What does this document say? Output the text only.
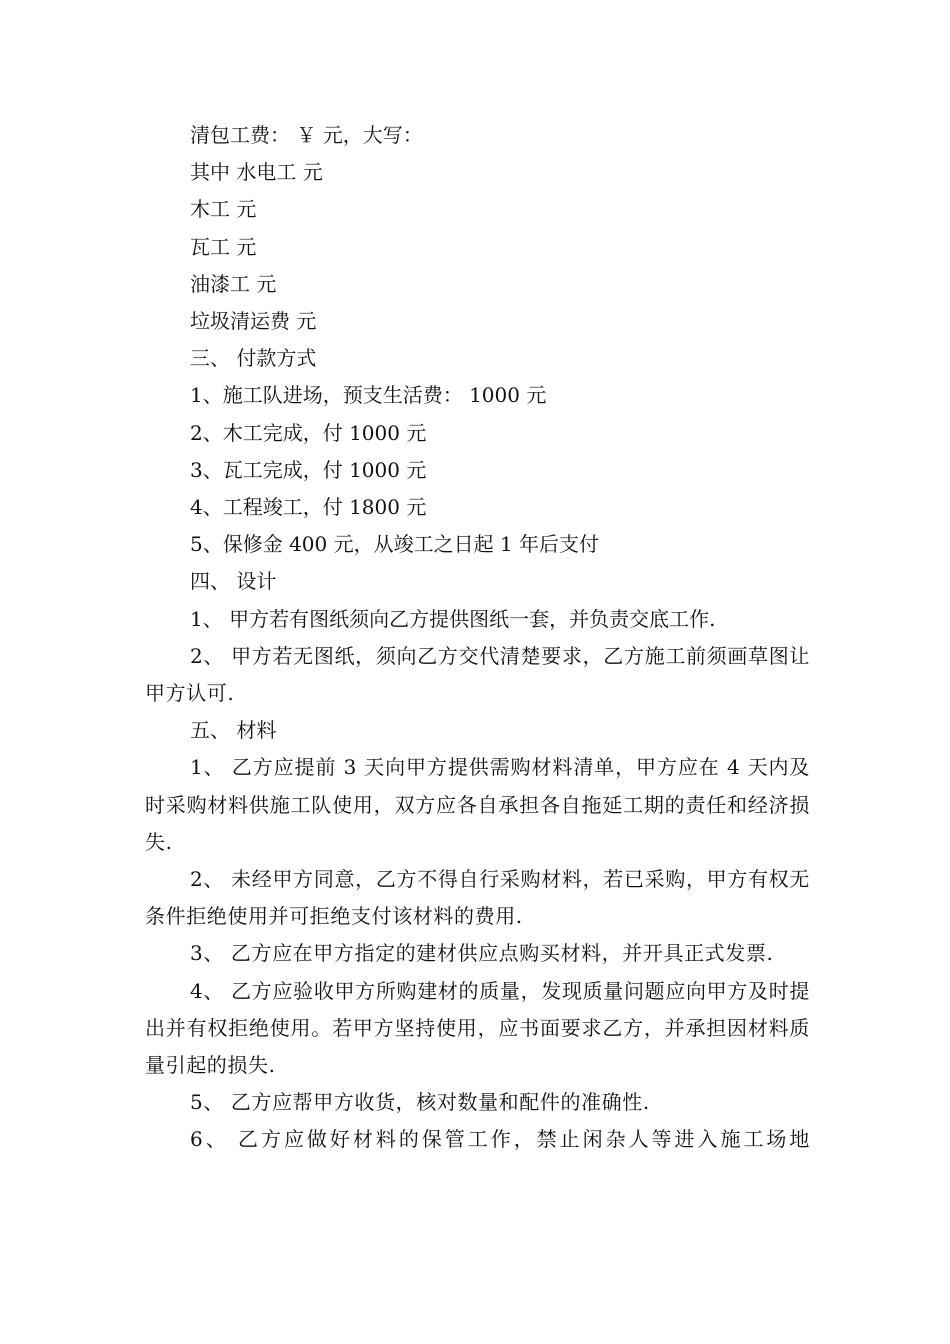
清包工费： ￥ 元，大写：
其中 水电工 元
木工 元
瓦工 元
油漆工 元
垃圾清运费 元
三、 付款方式
1、施工队进场，预支生活费： 1000 元
2、木工完成，付 1000 元
3、瓦工完成，付 1000 元
4、工程竣工，付 1800 元
5、保修金 400 元，从竣工之日起 1 年后支付
四、 设计
1、 甲方若有图纸须向乙方提供图纸一套，并负责交底工作.
2、 甲方若无图纸，须向乙方交代清楚要求，乙方施工前须画草图让甲方认可.
五、 材料
1、 乙方应提前 3 天向甲方提供需购材料清单，甲方应在 4 天内及时采购材料供施工队使用，双方应各自承担各自拖延工期的责任和经济损失.
2、 未经甲方同意，乙方不得自行采购材料，若已采购，甲方有权无条件拒绝使用并可拒绝支付该材料的费用.
3、 乙方应在甲方指定的建材供应点购买材料，并开具正式发票.
4、 乙方应验收甲方所购建材的质量，发现质量问题应向甲方及时提出并有权拒绝使用。若甲方坚持使用，应书面要求乙方，并承担因材料质量引起的损失.
5、 乙方应帮甲方收货，核对数量和配件的准确性.
6、 乙方应做好材料的保管工作，禁止闲杂人等进入施工场地
